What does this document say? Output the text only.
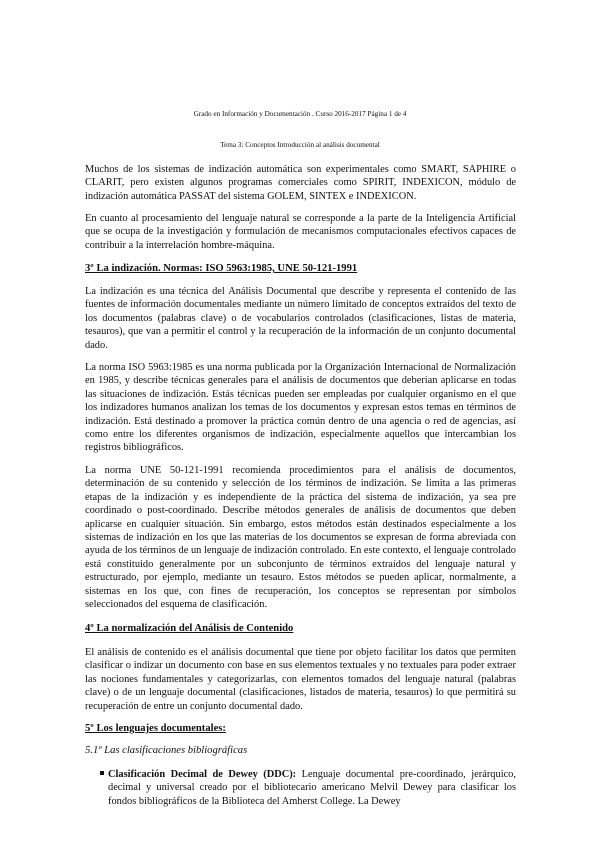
Grado en Información y Documentación . Curso 2016-2017 Página 1 de 4
Tema 3: Conceptos Introducción al análisis documental
Muchos de los sistemas de indización automática son experimentales como SMART, SAPHIRE o CLARIT, pero existen algunos programas comerciales como SPIRIT, INDEXICON, módulo de indización automática PASSAT del sistema GOLEM, SINTEX e INDEXICON.
En cuanto al procesamiento del lenguaje natural se corresponde a la parte de la Inteligencia Artificial que se ocupa de la investigación y formulación de mecanismos computacionales efectivos capaces de contribuir a la interrelación hombre-máquina.
3º La indización. Normas: ISO 5963:1985, UNE 50-121-1991
La indización es una técnica del Análisis Documental que describe y representa el contenido de las fuentes de información documentales mediante un número limitado de conceptos extraídos del texto de los documentos (palabras clave) o de vocabularios controlados (clasificaciones, listas de materia, tesauros), que van a permitir el control y la recuperación de la información de un conjunto documental dado.
La norma ISO 5963:1985 es una norma publicada por la Organización Internacional de Normalización en 1985, y describe técnicas generales para el análisis de documentos que deberían aplicarse en todas las situaciones de indización. Estás técnicas pueden ser empleadas por cualquier organismo en el que los indizadores humanos analizan los temas de los documentos y expresan estos temas en términos de indización. Está destinado a promover la práctica común dentro de una agencia o red de agencias, así como entre los diferentes organismos de indización, especialmente aquellos que intercambian los registros bibliográficos.
La norma UNE 50-121-1991 recomienda procedimientos para el análisis de documentos, determinación de su contenido y selección de los términos de indización. Se limita a las primeras etapas de la indización y es independiente de la práctica del sistema de indización, ya sea pre coordinado o post-coordinado. Describe métodos generales de análisis de documentos que deben aplicarse en cualquier situación. Sin embargo, estos métodos están destinados especialmente a los sistemas de indización en los que las materias de los documentos se expresan de forma abreviada con ayuda de los términos de un lenguaje de indización controlado. En este contexto, el lenguaje controlado está constituido generalmente por un subconjunto de términos extraídos del lenguaje natural y estructurado, por ejemplo, mediante un tesauro. Estos métodos se pueden aplicar, normalmente, a sistemas en los que, con fines de recuperación, los conceptos se representan por símbolos seleccionados del esquema de clasificación.
4º La normalización del Análisis de Contenido
El análisis de contenido es el análisis documental que tiene por objeto facilitar los datos que permiten clasificar o indizar un documento con base en sus elementos textuales y no textuales para poder extraer las nociones fundamentales y categorizarlas, con elementos tomados del lenguaje natural (palabras clave) o de un lenguaje documental (clasificaciones, listados de materia, tesauros) lo que permitirá su recuperación de entre un conjunto documental dado.
5º Los lenguajes documentales:
5.1º Las clasificaciones bibliográficas
Clasificación Decimal de Dewey (DDC): Lenguaje documental pre-coordinado, jerárquico, decimal y universal creado por el bibliotecario americano Melvil Dewey para clasificar los fondos bibliográficos de la Biblioteca del Amherst College. La Dewey
